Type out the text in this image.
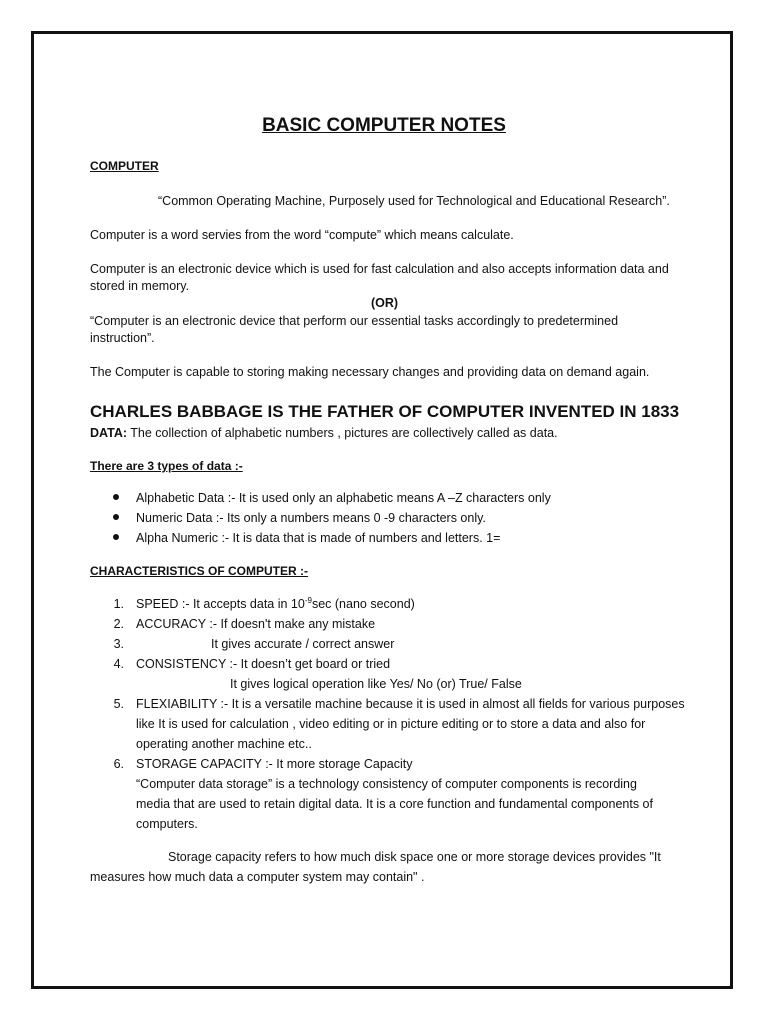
BASIC COMPUTER NOTES
COMPUTER
“Common Operating Machine, Purposely used for Technological and Educational Research”.
Computer is a word servies from the word “compute” which means calculate.
Computer is an electronic device which is used for fast calculation and also accepts information data and
stored in memory.
(OR)
“Computer is an electronic device that perform our essential tasks accordingly to predetermined
instruction”.
The Computer is capable to storing making necessary changes and providing data on demand again.
CHARLES BABBAGE IS THE FATHER OF COMPUTER INVENTED IN 1833
DATA: The collection of alphabetic numbers , pictures are collectively called as data.
There are 3 types of data :-
Alphabetic Data :- It is used only an alphabetic means A –Z characters only
Numeric Data :- Its only a numbers means 0 -9 characters only.
Alpha Numeric :- It is data that is made of numbers and letters. 1=
CHARACTERISTICS OF COMPUTER :-
1. SPEED :- It accepts data in $10^{-9}\sec$ (nano second)
2. ACCURACY :- If doesn't make any mistake
3.	It gives accurate / correct answer
4. CONSISTENCY :- It doesn’t get board or tried
It gives logical operation like Yes/ No (or) True/ False
5. FLEXIABILITY :- It is a versatile machine because it is used in almost all fields for various purposes
like It is used for calculation , video editing or in picture editing or to store a data and also for
operating another machine etc..
6. STORAGE CAPACITY :- It more storage Capacity
“Computer data storage” is a technology consistency of computer components is recording
media that are used to retain digital data. It is a core function and fundamental components of
computers.
Storage capacity refers to how much disk space one or more storage devices provides "It
measures how much data a computer system may contain" .
